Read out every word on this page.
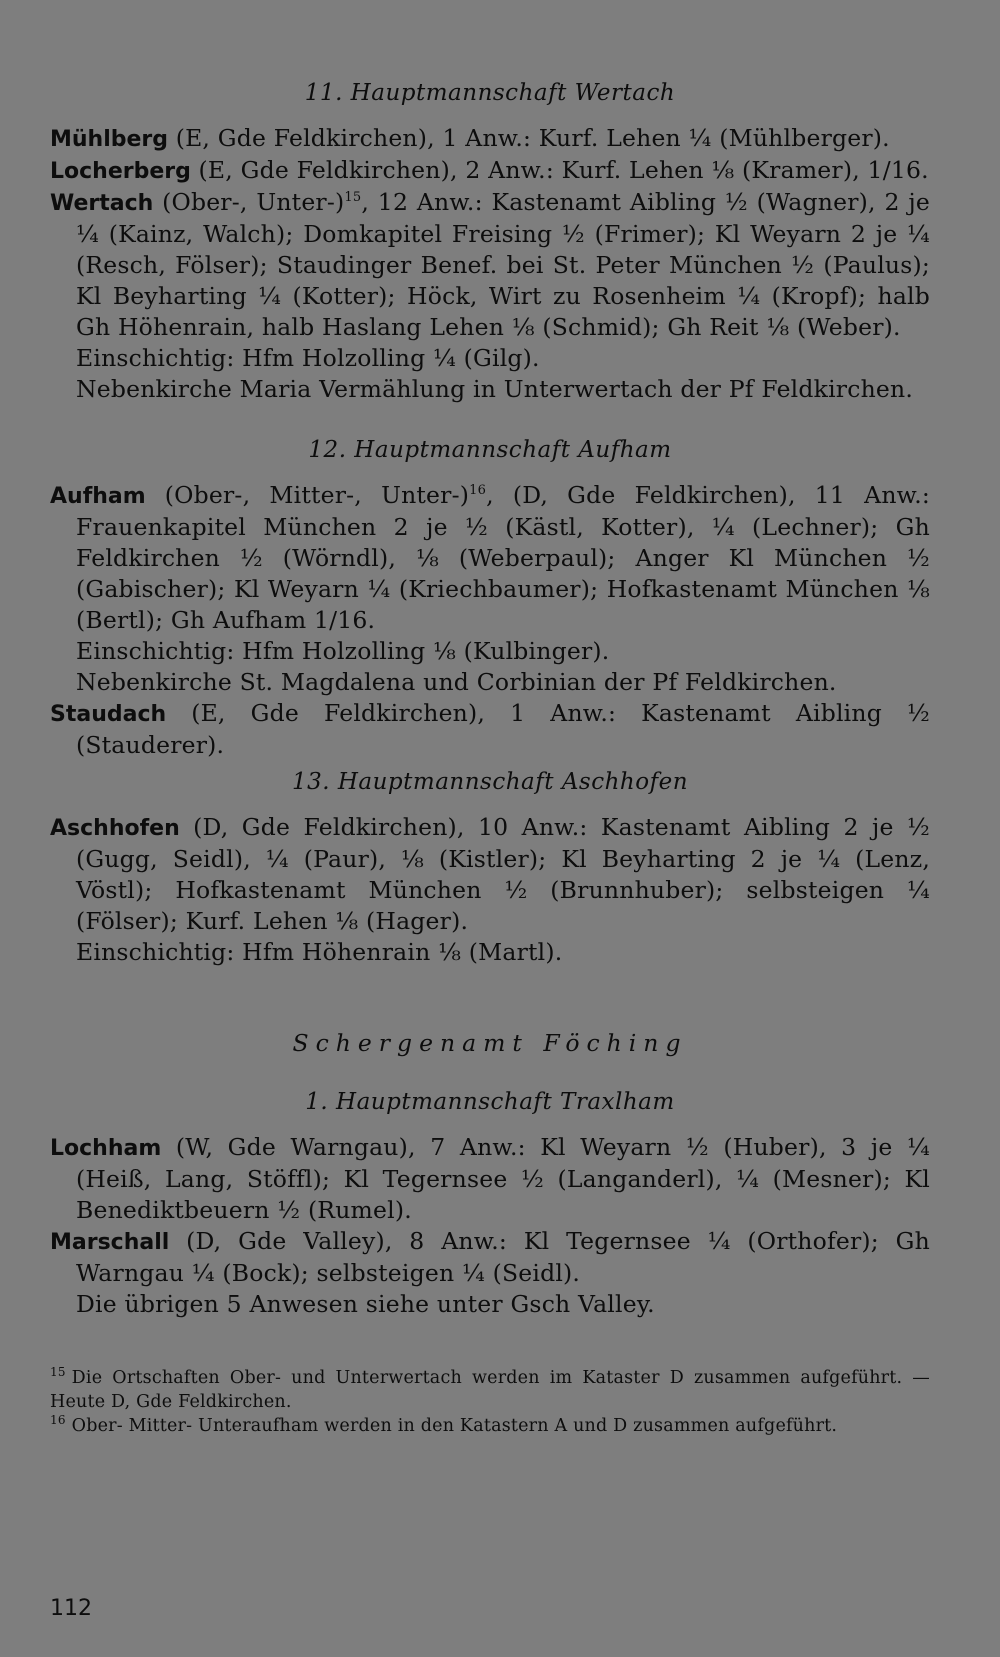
11. Hauptmannschaft Wertach

Mühlberg (E, Gde Feldkirchen), 1 Anw.: Kurf. Lehen ¼ (Mühlberger).

Locherberg (E, Gde Feldkirchen), 2 Anw.: Kurf. Lehen ⅛ (Kramer), 1/16.

Wertach (Ober-, Unter-)$^{15}$, 12 Anw.: Kastenamt Aibling ½ (Wagner), 2 je ¼ (Kainz, Walch); Domkapitel Freising ½ (Frimer); Kl Weyarn 2 je ¼ (Resch, Fölser); Staudinger Benef. bei St. Peter München ½ (Paulus); Kl Beyharting ¼ (Kotter); Höck, Wirt zu Rosenheim ¼ (Kropf); halb Gh Höhenrain, halb Haslang Lehen ⅛ (Schmid); Gh Reit ⅛ (Weber).

Einschichtig: Hfm Holzolling ¼ (Gilg).

Nebenkirche Maria Vermählung in Unterwertach der Pf Feldkirchen.

12. Hauptmannschaft Aufham

Aufham (Ober-, Mitter-, Unter-)$^{16}$, (D, Gde Feldkirchen), 11 Anw.: Frauenkapitel München 2 je ½ (Kästl, Kotter), ¼ (Lechner); Gh Feldkirchen ½ (Wörndl), ⅛ (Weberpaul); Anger Kl München ½ (Gabischer); Kl Weyarn ¼ (Kriechbaumer); Hofkastenamt München ⅛ (Bertl); Gh Aufham 1/16.

Einschichtig: Hfm Holzolling ⅛ (Kulbinger).

Nebenkirche St. Magdalena und Corbinian der Pf Feldkirchen.

Staudach (E, Gde Feldkirchen), 1 Anw.: Kastenamt Aibling ½ (Stauderer).

13. Hauptmannschaft Aschhofen

Aschhofen (D, Gde Feldkirchen), 10 Anw.: Kastenamt Aibling 2 je ½ (Gugg, Seidl), ¼ (Paur), ⅛ (Kistler); Kl Beyharting 2 je ¼ (Lenz, Vöstl); Hofkastenamt München ½ (Brunnhuber); selbsteigen ¼ (Fölser); Kurf. Lehen ⅛ (Hager).

Einschichtig: Hfm Höhenrain ⅛ (Martl).

Schergenamt Föching
1. Hauptmannschaft Traxlham

Lochham (W, Gde Warngau), 7 Anw.: Kl Weyarn ½ (Huber), 3 je ¼ (Heiß, Lang, Stöffl); Kl Tegernsee ½ (Langanderl), ¼ (Mesner); Kl Benediktbeuern ½ (Rumel).

Marschall (D, Gde Valley), 8 Anw.: Kl Tegernsee ¼ (Orthofer); Gh Warngau ¼ (Bock); selbsteigen ¼ (Seidl).

Die übrigen 5 Anwesen siehe unter Gsch Valley.

$^{15}$ Die Ortschaften Ober- und Unterwertach werden im Kataster D zusammen aufgeführt. — Heute D, Gde Feldkirchen.

$^{16}$ Ober- Mitter- Unteraufham werden in den Katastern A und D zusammen aufgeführt.

112
